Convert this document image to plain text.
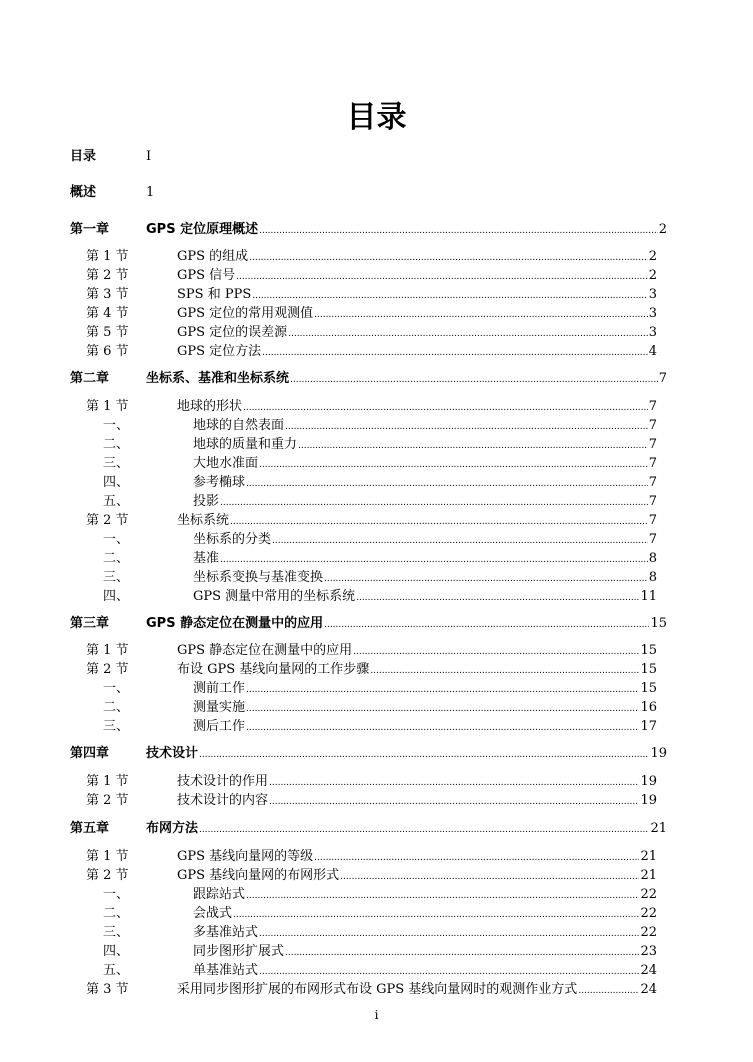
目录
目录	I
概述	1
第一章	GPS 定位原理概述 .....	2
第 1 节	GPS 的组成 .....	2
第 2 节	GPS 信号 .....	2
第 3 节	SPS 和 PPS .....	3
第 4 节	GPS 定位的常用观测值 .....	3
第 5 节	GPS 定位的误差源 .....	3
第 6 节	GPS 定位方法 .....	4
第二章	坐标系、基准和坐标系统 .....	7
第 1 节	地球的形状 .....	7
一、	地球的自然表面 .....	7
二、	地球的质量和重力 .....	7
三、	大地水准面 .....	7
四、	参考椭球 .....	7
五、	投影 .....	7
第 2 节	坐标系统 .....	7
一、	坐标系的分类 .....	7
二、	基准 .....	8
三、	坐标系变换与基准变换 .....	8
四、	GPS 测量中常用的坐标系统 .....	11
第三章	GPS 静态定位在测量中的应用 .....	15
第 1 节	GPS 静态定位在测量中的应用 .....	15
第 2 节	布设 GPS 基线向量网的工作步骤 .....	15
一、	测前工作 .....	15
二、	测量实施 .....	16
三、	测后工作 .....	17
第四章	技术设计 .....	19
第 1 节	技术设计的作用 .....	19
第 2 节	技术设计的内容 .....	19
第五章	布网方法 .....	21
第 1 节	GPS 基线向量网的等级 .....	21
第 2 节	GPS 基线向量网的布网形式 .....	21
一、	跟踪站式 .....	22
二、	会战式 .....	22
三、	多基准站式 .....	22
四、	同步图形扩展式 .....	23
五、	单基准站式 .....	24
第 3 节	采用同步图形扩展的布网形式布设 GPS 基线向量网时的观测作业方式 .....	24
i
